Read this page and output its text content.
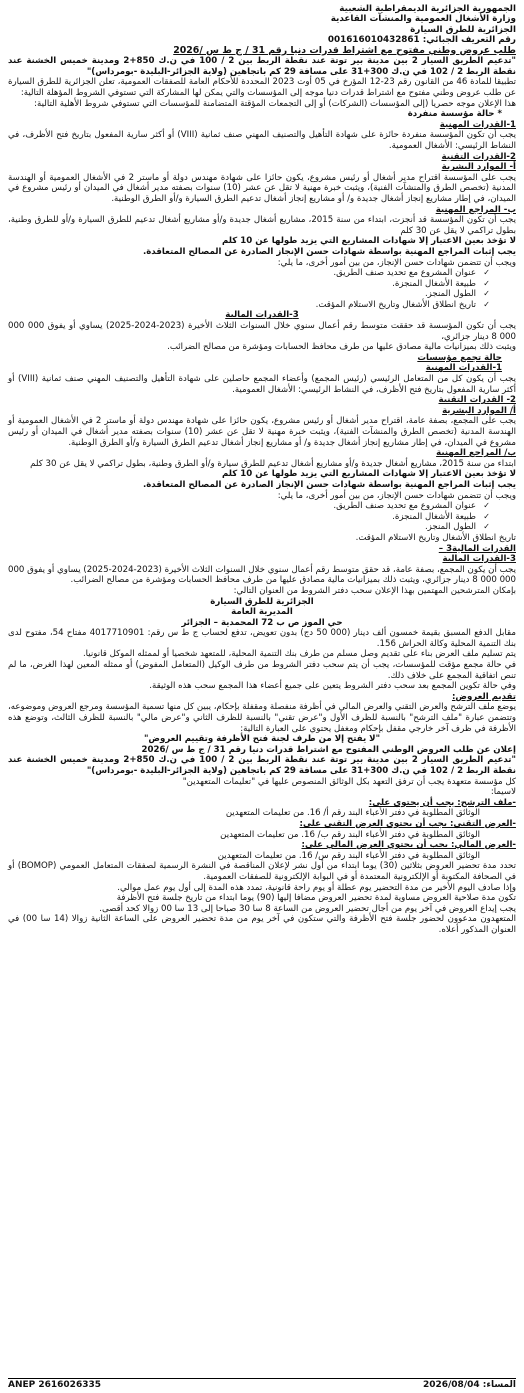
الجمهورية الجزائرية الديمقراطية الشعبية

وزارة الأشغال العمومية والمنشآت القاعدية

الجزائرية للطرق السيارة

رقم التعريف الجبائي: 001616010432861

طلب عروض وطني مفتوح مع اشتراط قدرات دنيا رقم 31 / ج ط س /2026

"تدعيم الطريق السيار 2 بين مدينة بير توتة عند نقطة الربط بين 2 / 100 في ن.ك 850+2 ومدينة خميس الخشنة عند نقطة الربط 2 / 102 في ن.ك 300+31 على مسافة 29 كم باتجاهين (ولاية الجزائر-البليدة -بومرداس)"

تطبيقا للمادة 46 من القانون رقم 23-12 المؤرخ في 05 أوت 2023 المحددة للأحكام العامة للصفقات العمومية، تعلن الجزائرية للطرق السيارة عن طلب عروض وطني مفتوح مع اشتراط قدرات دنيا موجه إلى المؤسسات والتي يمكن لها المشاركة التي تستوفي الشروط المؤهلة التالية:

هذا الإعلان موجه حصريا (إلى المؤسسات (الشركات) أو إلى التجمعات المؤقتة المتضامنة للمؤسسات التي تستوفي شروط الأهلية التالية:

* حالة مؤسسة منفردة

1-القدرات المهنية

يجب أن تكون المؤسسة منفردة حائزة على شهادة التأهيل والتصنيف المهني صنف ثمانية (VIII) أو أكثر سارية المفعول بتاريخ فتح الأظرف، في النشاط الرئيسي: الأشغال العمومية.

2-القدرات التقنية

أ- الموارد البشرية

يجب على المؤسسة اقتراح مدير أشغال أو رئيس مشروع، يكون حائزا على شهادة مهندس دولة أو ماستر 2 في الأشغال العمومية أو الهندسة المدنية (تخصص الطرق والمنشآت الفنية)، ويثبت خبرة مهنية لا تقل عن عشر (10) سنوات بصفته مدير أشغال في الميدان أو رئيس مشروع في الميدان، في إطار مشاريع إنجاز أشغال جديدة و/ أو مشاريع إنجاز أشغال تدعيم الطرق السيارة و/أو الطرق الوطنية.

ب- المراجع المهنية

يجب أن تكون المؤسسة قد أنجزت، ابتداء من سنة 2015، مشاريع أشغال جديدة و/أو مشاريع أشغال تدعيم للطرق السيارة و/أو للطرق وطنية، بطول تراكمي لا يقل عن 30 كلم

لا تؤخذ بعين الاعتبار إلا شهادات المشاريع التي يزيد طولها عن 10 كلم

يجب إثبات المراجع المهنية بواسطة شهادات حسن الإنجاز الصادرة عن المصالح المتعاقدة.

ويجب أن تتضمن شهادات حسن الإنجاز، من بين أمور أخرى، ما يلي:

✓ عنوان المشروع مع تحديد صنف الطريق.

✓ طبيعة الأشغال المنجزة.

✓ الطول المنجز.

✓ تاريخ انطلاق الأشغال وتاريخ الاستلام المؤقت.

3-القدرات المالية

يجب أن تكون المؤسسة قد حققت متوسط رقم أعمال سنوي خلال السنوات الثلاث الأخيرة (2023-2024-2025) يساوي أو يفوق 000 000 000 8 دينار جزائري،

ويثبت ذلك بميزانيات مالية مصادق عليها من طرف محافظ الحسابات ومؤشرة من مصالح الضرائب.

حالة تجمع مؤسسات

1-القدرات المهنية

يجب أن يكون كل من المتعامل الرئيسي (رئيس المجمع) وأعضاء المجمع حاصلين على شهادة التأهيل والتصنيف المهني صنف ثمانية (VIII) أو أكثر سارية المفعول بتاريخ فتح الأظرف، في النشاط الرئيسي: الأشغال العمومية.

2- القدرات التقنية

أ/ الموارد البشرية

يجب على المجمع، بصفة عامة، اقتراح مدير أشغال أو رئيس مشروع، يكون حائزا على شهادة مهندس دولة أو ماستر 2 في الأشغال العمومية أو الهندسة المدنية (تخصص الطرق والمنشآت الفنية)، ويثبت خبرة مهنية لا تقل عن عشر (10) سنوات بصفته مدير أشغال في الميدان أو رئيس مشروع في الميدان، في إطار مشاريع إنجاز أشغال جديدة و/ أو مشاريع إنجاز أشغال تدعيم الطرق السيارة و/أو الطرق الوطنية.

ب/ المراجع المهنية

ابتداء من سنة 2015، مشاريع أشغال جديدة و/أو مشاريع أشغال تدعيم للطرق سيارة و/أو الطرق وطنية، بطول تراكمي لا يقل عن 30 كلم

لا تؤخذ بعين الاعتبار إلا شهادات المشاريع التي يزيد طولها عن 10 كلم

يجب إثبات المراجع المهنية بواسطة شهادات حسن الإنجاز الصادرة عن المصالح المتعاقدة.

ويجب أن تتضمن شهادات حسن الإنجاز، من بين أمور أخرى، ما يلي:

✓ عنوان المشروع مع تحديد صنف الطريق.

✓ طبيعة الأشغال المنجزة.

✓ الطول المنجز.

تاريخ انطلاق الأشغال وتاريخ الاستلام المؤقت.

القدرات المالية3 –

3-القدرات المالية

يجب أن يكون المجمع، بصفة عامة، قد حقق متوسط رقم أعمال سنوي خلال السنوات الثلاث الأخيرة (2023-2024-2025) يساوي أو يفوق 000 000 000 8 دينار جزائري، ويثبت ذلك بميزانيات مالية مصادق عليها من طرف محافظ الحسابات ومؤشرة من مصالح الضرائب.

بإمكان المترشحين المهتمين بهذا الإعلان سحب دفتر الشروط من العنوان التالي:

الجزائرية للطرق السيارة

المديرية العامة

حي الموز ص ب 72 المحمدية – الجزائر

مقابل الدفع المسبق بقيمة خمسون ألف دينار (000 50 دج) بدون تعويض، تدفع لحساب ج ط س رقم: 4017710901 مفتاح 54، مفتوح لدى بنك التنمية المحلية وكالة الحراش 156.

يتم تسليم ملف العرض بناء على تقديم وصل مسلم من طرف بنك التنمية المحلية، للمتعهد شخصيا أو لممثله الموكل قانونيا.

في حالة مجمع مؤقت للمؤسسات، يجب أن يتم سحب دفتر الشروط من طرف الوكيل (المتعامل المفوض) أو ممثله المعين لهذا الغرض، ما لم تنص اتفاقية المجمع على خلاف ذلك.

وفي حالة تكوين المجمع بعد سحب دفتر الشروط يتعين على جميع أعضاء هذا المجمع سحب هذه الوثيقة.

تقديم العروض:

يوضع ملف الترشح والعرض التقني والعرض المالي في أظرفة منفصلة ومقفلة بإحكام، يبين كل منها تسمية المؤسسة ومرجع العروض وموضوعه، وتتضمن عبارة "ملف الترشح" بالنسبة للظرف الأول و"عرض تقني" بالنسبة للظرف الثاني و"عرض مالي" بالنسبة للظرف الثالث، وتوضع هذه الأظرفة في ظرف آخر خارجي مقفل بإحكام ومغفل يحتوي على العبارة التالية:

"لا يفتح إلا من طرف لجنة فتح الأظرفة وتقييم العروض"

إعلان عن طلب العروض الوطني المفتوح مع اشتراط قدرات دنيا رقم 31 / ج ط س /2026

"تدعيم الطريق السيار 2 بين مدينة بير توتة عند نقطة الربط بين 2 / 100 في ن.ك 850+2 ومدينة خميس الخشنة عند نقطة الربط 2 / 102 في ن.ك 300+31 على مسافة 29 كم باتجاهين (ولاية الجزائر-البليدة -بومرداس)"

كل مؤسسة متعهدة يجب أن ترفق التعهد بكل الوثائق المنصوص عليها في "تعليمات المتعهدين"

لاسيما:

-ملف الترشح: يجب أن يحتوي على:

الوثائق المطلوبة في دفتر الأعباء البند رقم أ/ 16. من تعليمات المتعهدين

-العرض التقني: يجب أن يحتوي العرض التقني على:

الوثائق المطلوبة في دفتر الأعباء البند رقم ب/ 16. من تعليمات المتعهدين

-العرض المالي: يجب أن يحتوي العرض المالي على:

الوثائق المطلوبة في دفتر الأعباء البند رقم س/ 16. من تعليمات المتعهدين

تحدد مدة تحضير العروض بثلاثين (30) يوما ابتداء من أول نشر لإعلان المناقصة في النشرة الرسمية لصفقات المتعامل العمومي (BOMOP) أو في الصحافة المكتوبة أو الإلكترونية المعتمدة أو في البوابة الإلكترونية للصفقات العمومية.

وإذا صادف اليوم الأخير من مدة التحضير يوم عطلة أو يوم راحة قانونية، تمدد هذه المدة إلى أول يوم عمل موالي.

تكون مدة صلاحية العروض مساوية لمدة تحضير العروض مضافا إليها (90) يوما ابتداء من تاريخ جلسة فتح الأظرفة

يجب إيداع العروض في آخر يوم من أجال تحضير العروض من الساعة 8 سا 30 صباحا إلى 13 سا 00 زوالا كحد أقصى.

المتعهدون مدعوون لحضور جلسة فتح الأظرفة والتي ستكون في آخر يوم من مدة تحضير العروض على الساعة الثانية زوالا (14 سا 00) في العنوان المذكور أعلاه.

ANEP 2616026335	المساء: 2026/08/04
